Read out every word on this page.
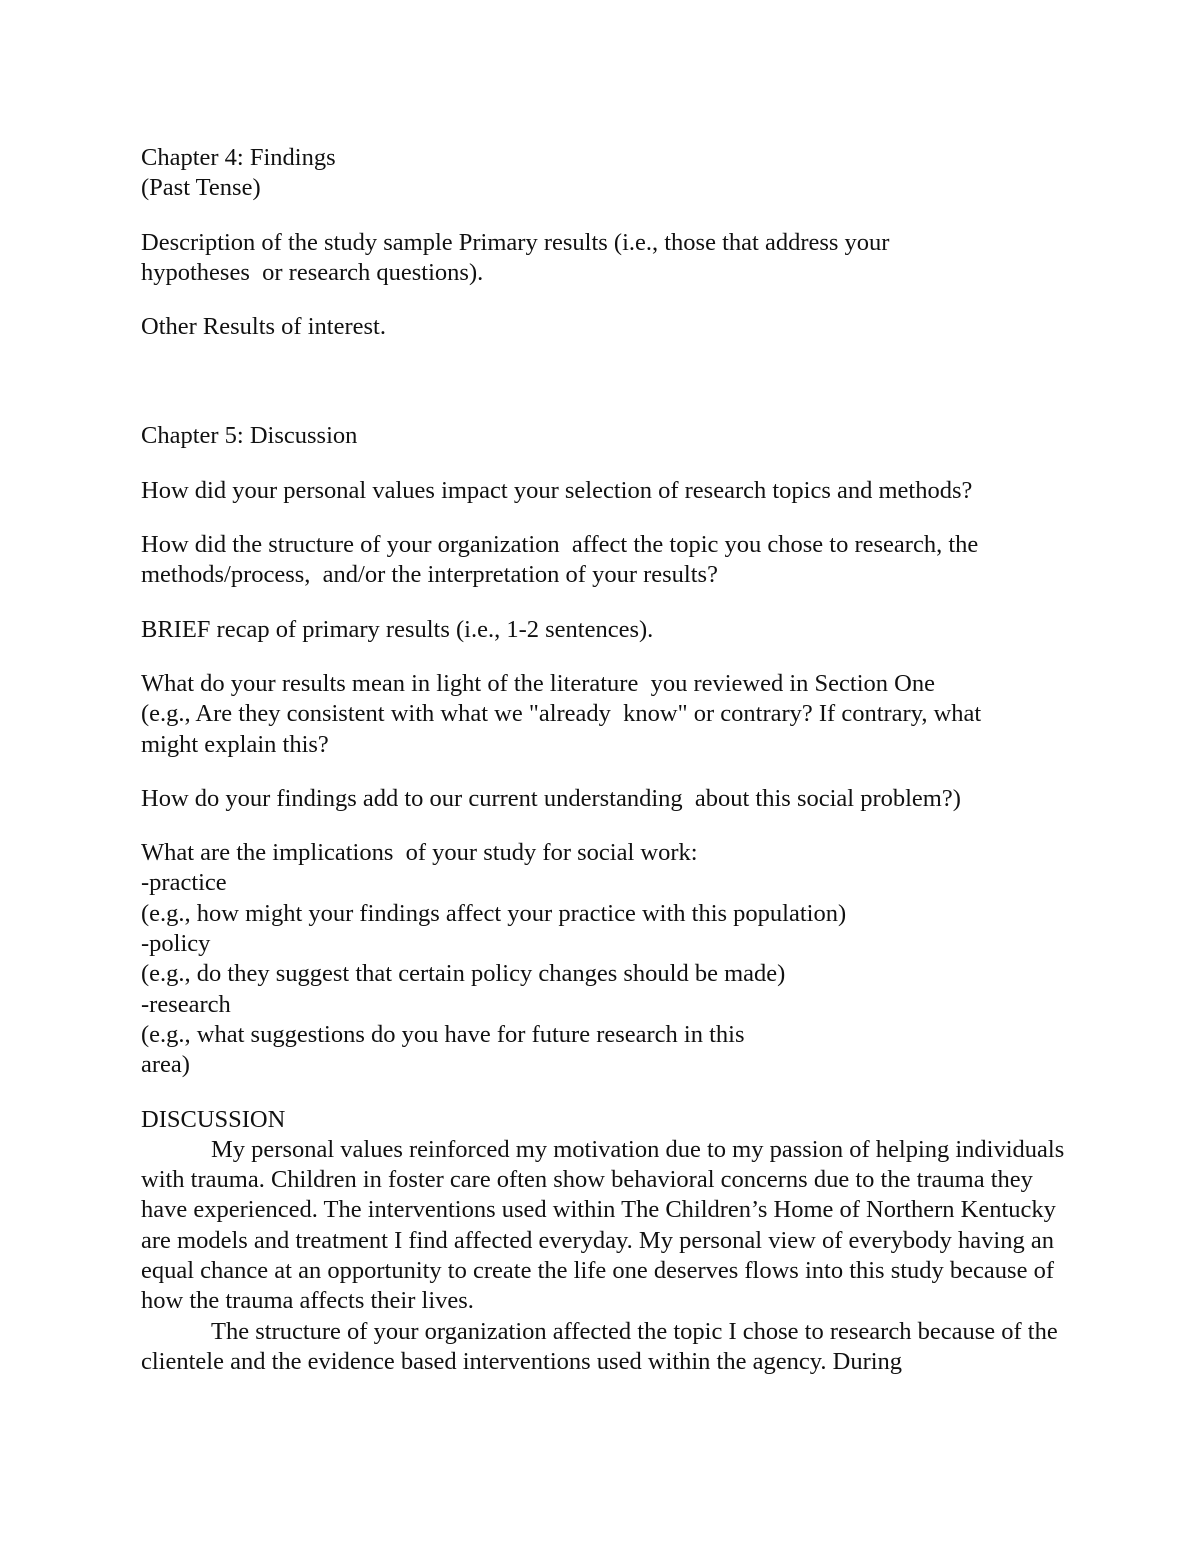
Chapter 4: Findings

(Past Tense)

Description of the study sample Primary results (i.e., those that address your
hypotheses  or research questions).

Other Results of interest.

Chapter 5: Discussion

How did your personal values impact your selection of research topics and methods?

How did the structure of your organization  affect the topic you chose to research, the
methods/process,  and/or the interpretation of your results?

BRIEF recap of primary results (i.e., 1-2 sentences).

What do your results mean in light of the literature  you reviewed in Section One
(e.g., Are they consistent with what we "already  know" or contrary? If contrary, what
might explain this?

How do your findings add to our current understanding  about this social problem?)

What are the implications  of your study for social work:

-practice

(e.g., how might your findings affect your practice with this population)

-policy

(e.g., do they suggest that certain policy changes should be made)

-research

(e.g., what suggestions do you have for future research in this
area)

DISCUSSION

My personal values reinforced my motivation due to my passion of helping individuals with trauma. Children in foster care often show behavioral concerns due to the trauma they have experienced. The interventions used within The Children’s Home of Northern Kentucky are models and treatment I find affected everyday. My personal view of everybody having an equal chance at an opportunity to create the life one deserves flows into this study because of how the trauma affects their lives.

The structure of your organization affected the topic I chose to research because of the clientele and the evidence based interventions used within the agency. During
